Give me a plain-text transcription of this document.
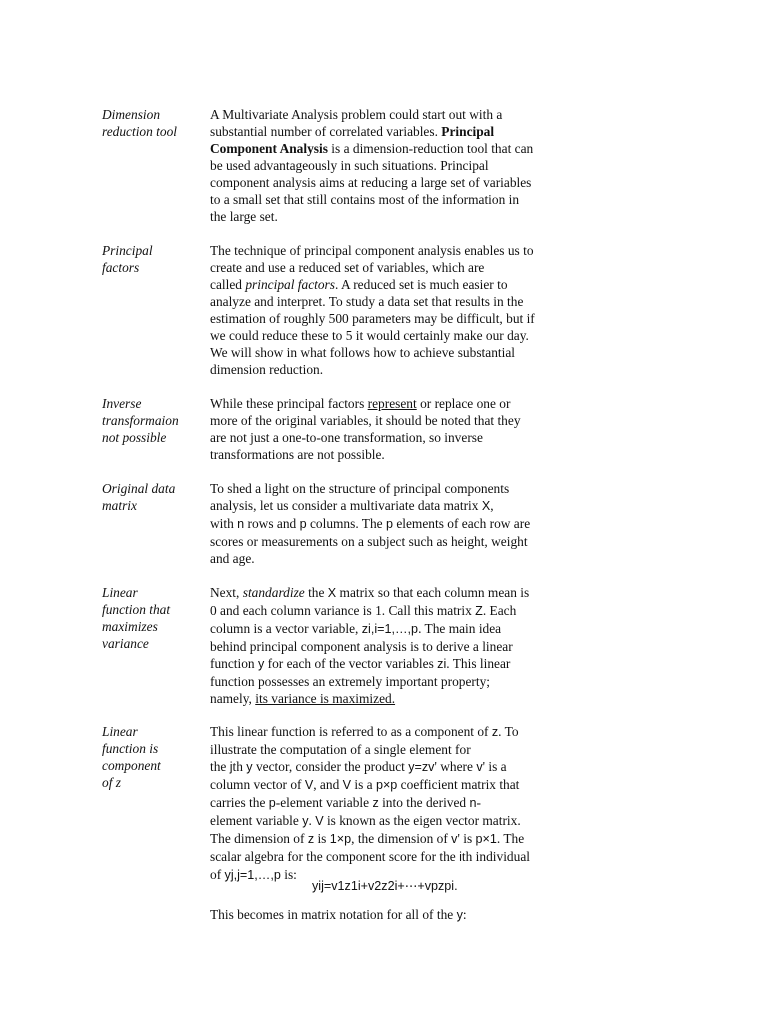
Dimension
reduction tool
A Multivariate Analysis problem could start out with a
substantial number of correlated variables. Principal
Component Analysis is a dimension-reduction tool that can
be used advantageously in such situations. Principal
component analysis aims at reducing a large set of variables
to a small set that still contains most of the information in
the large set.
Principal
factors
The technique of principal component analysis enables us to
create and use a reduced set of variables, which are
called principal factors. A reduced set is much easier to
analyze and interpret. To study a data set that results in the
estimation of roughly 500 parameters may be difficult, but if
we could reduce these to 5 it would certainly make our day.
We will show in what follows how to achieve substantial
dimension reduction.
Inverse
transformaion
not possible
While these principal factors represent or replace one or
more of the original variables, it should be noted that they
are not just a one-to-one transformation, so inverse
transformations are not possible.
Original data
matrix
To shed a light on the structure of principal components
analysis, let us consider a multivariate data matrix X,
with n rows and p columns. The p elements of each row are
scores or measurements on a subject such as height, weight
and age.
Linear
function that
maximizes
variance
Next, standardize the X matrix so that each column mean is
0 and each column variance is 1. Call this matrix Z. Each
column is a vector variable, zi,i=1,…,p. The main idea
behind principal component analysis is to derive a linear
function y for each of the vector variables zi. This linear
function possesses an extremely important property;
namely, its variance is maximized.
Linear
function is
component
of z
This linear function is referred to as a component of z. To
illustrate the computation of a single element for
the jth y vector, consider the product y=zv' where v' is a
column vector of V, and V is a p×p coefficient matrix that
carries the p-element variable z into the derived n-
element variable y. V is known as the eigen vector matrix.
The dimension of z is 1×p, the dimension of v' is p×1. The
scalar algebra for the component score for the ith individual
of yj,j=1,…,p is:
yij=v1z1i+v2z2i+⋯+vpzpi.
This becomes in matrix notation for all of the y:
